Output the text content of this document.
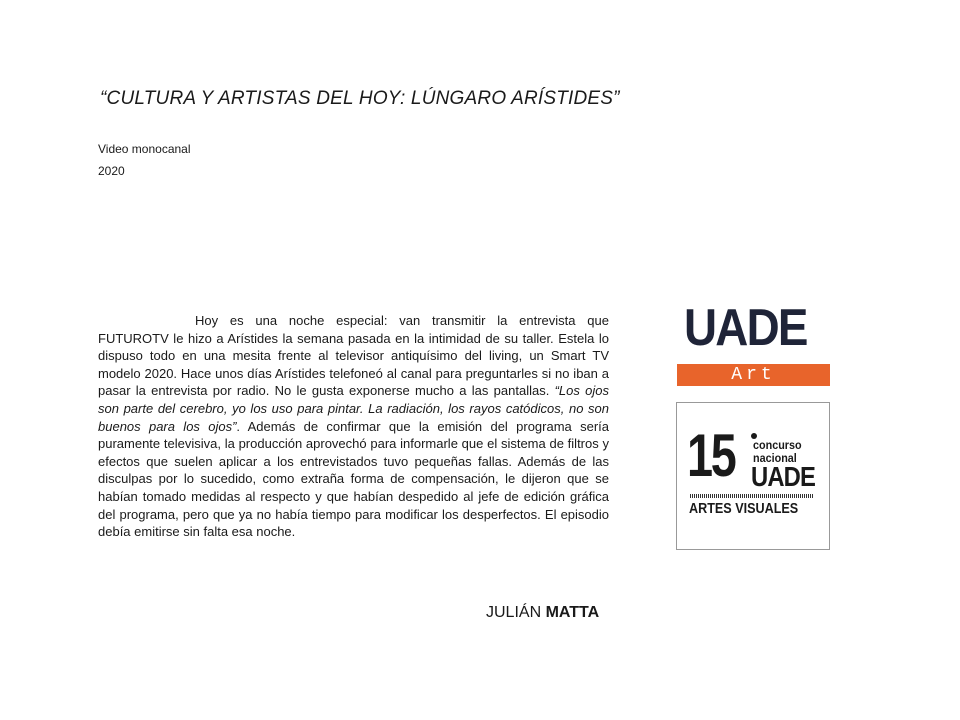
“CULTURA Y ARTISTAS DEL HOY: LÚNGARO ARÍSTIDES”
Video monocanal
2020

Hoy es una noche especial: van transmitir la entrevista que FUTUROTV le hizo a Arístides la semana pasada en la intimidad de su taller. Estela lo dispuso todo en una mesita frente al televisor antiquísimo del living, un Smart TV modelo 2020. Hace unos días Arístides telefoneó al canal para preguntarles si no iban a pasar la entrevista por radio. No le gusta exponerse mucho a las pantallas. “Los ojos son parte del cerebro, yo los uso para pintar. La radiación, los rayos catódicos, no son buenos para los ojos”. Además de confirmar que la emisión del programa sería puramente televisiva, la producción aprovechó para informarle que el sistema de filtros y efectos que suelen aplicar a los entrevistados tuvo pequeñas fallas. Además de las disculpas por lo sucedido, como extraña forma de compensación, le dijeron que se habían tomado medidas al respecto y que habían despedido al jefe de edición gráfica del programa, pero que ya no había tiempo para modificar los desperfectos. El episodio debía emitirse sin falta esa noche.

JULIÁN MATTA
UADE
Art
15 concurso
nacional
UADE
ARTES VISUALES
